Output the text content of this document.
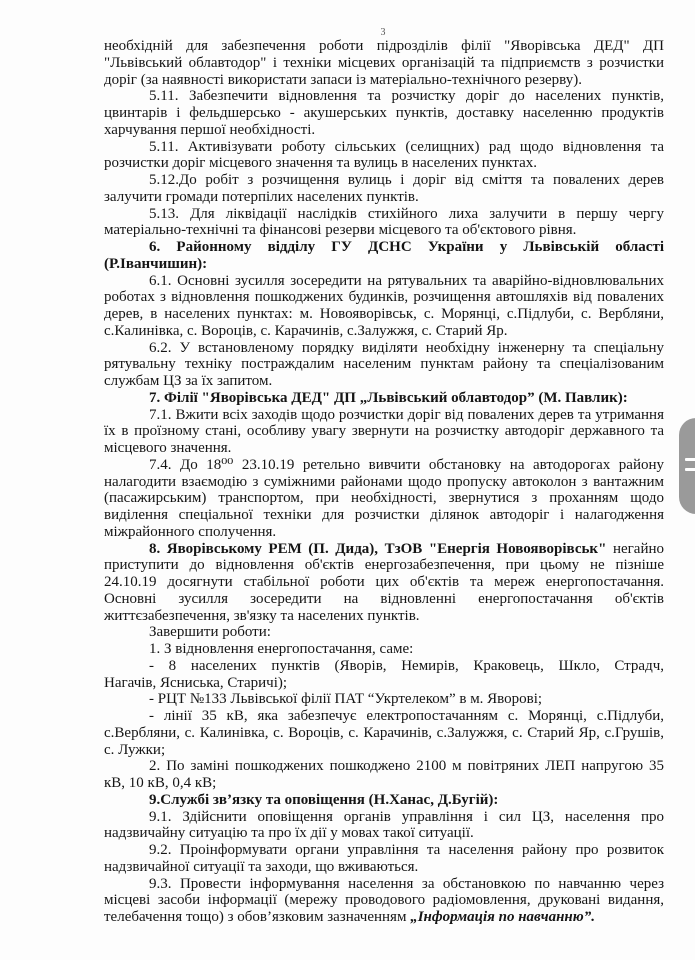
3
необхідній для забезпечення роботи підрозділів філії "Яворівська ДЕД" ДП
"Львівський облавтодор" і техніки місцевих організацій та підприємств з розчистки
доріг (за наявності використати запаси із матеріально-технічного резерву).
5.11. Забезпечити відновлення та розчистку доріг до населених пунктів,
цвинтарів і фельдшерсько - акушерських пунктів, доставку населенню продуктів
харчування першої необхідності.
5.11. Активізувати роботу сільських (селищних) рад щодо відновлення та
розчистки доріг місцевого значення та вулиць в населених пунктах.
5.12.До робіт з розчищення вулиць і доріг від сміття та повалених дерев
залучити громади потерпілих населених пунктів.
5.13. Для ліквідації наслідків стихійного лиха залучити в першу чергу
матеріально-технічні та фінансові резерви місцевого та об'єктового рівня.
6. Районному відділу ГУ ДСНС України у Львівській області
(Р.Іванчишин):
6.1. Основні зусилля зосередити на рятувальних та аварійно-відновлювальних
роботах з відновлення пошкоджених будинків, розчищення автошляхів від повалених
дерев, в населених пунктах: м. Новояворівськ, с. Морянці, с.Підлуби, с. Вербляни,
с.Калинівка, с. Вороців, с. Карачинів, с.Залужжя, с. Старий Яр.
6.2. У встановленому порядку виділяти необхідну інженерну та спеціальну
рятувальну техніку постраждалим населеним пунктам району та спеціалізованим
службам ЦЗ за їх запитом.
7. Філії "Яворівська ДЕД" ДП „Львівський облавтодор” (М. Павлик):
7.1. Вжити всіх заходів щодо розчистки доріг від повалених дерев та утримання
їх в проїзному стані, особливу увагу звернути на розчистку автодоріг державного та
місцевого значення.
7.4. До 18⁰⁰ 23.10.19 ретельно вивчити обстановку на автодорогах району
налагодити взаємодію з суміжними районами щодо пропуску автоколон з вантажним
(пасажирським) транспортом, при необхідності, звернутися з проханням щодо
виділення спеціальної техніки для розчистки ділянок автодоріг і налагодження
міжрайонного сполучення.
8. Яворівському РЕМ (П. Дида), ТзОВ "Енергія Новояворівськ" негайно
приступити до відновлення об'єктів енергозабезпечення, при цьому не пізніше
24.10.19 досягнути стабільної роботи цих об'єктів та мереж енергопостачання.
Основні зусилля зосередити на відновленні енергопостачання об'єктів
життєзабезпечення, зв'язку та населених пунктів.
Завершити роботи:
1. З відновлення енергопостачання, саме:
- 8 населених пунктів (Яворів, Немирів, Краковець, Шкло, Страдч,
Нагачів, Ясниська, Старичі);
- РЦТ №133 Львівської філії ПАТ “Укртелеком” в м. Яворові;
- лінії 35 кВ, яка забезпечує електропостачанням с. Морянці, с.Підлуби,
с.Вербляни, с. Калинівка, с. Вороців, с. Карачинів, с.Залужжя, с. Старий Яр, с.Грушів,
с. Лужки;
2. По заміні пошкоджених пошкоджено 2100 м повітряних ЛЕП напругою 35
кВ, 10 кВ, 0,4 кВ;
9.Службі зв’язку та оповіщення (Н.Ханас, Д.Бугій):
9.1. Здійснити оповіщення органів управління і сил ЦЗ, населення про
надзвичайну ситуацію та про їх дії у мовах такої ситуації.
9.2. Проінформувати органи управління та населення району про розвиток
надзвичайної ситуації та заходи, що вживаються.
9.3. Провести інформування населення за обстановкою по навчанню через
місцеві засоби інформації (мережу проводового радіомовлення, друковані видання,
телебачення тощо) з обов’язковим зазначенням „Інформація по навчанню”.
